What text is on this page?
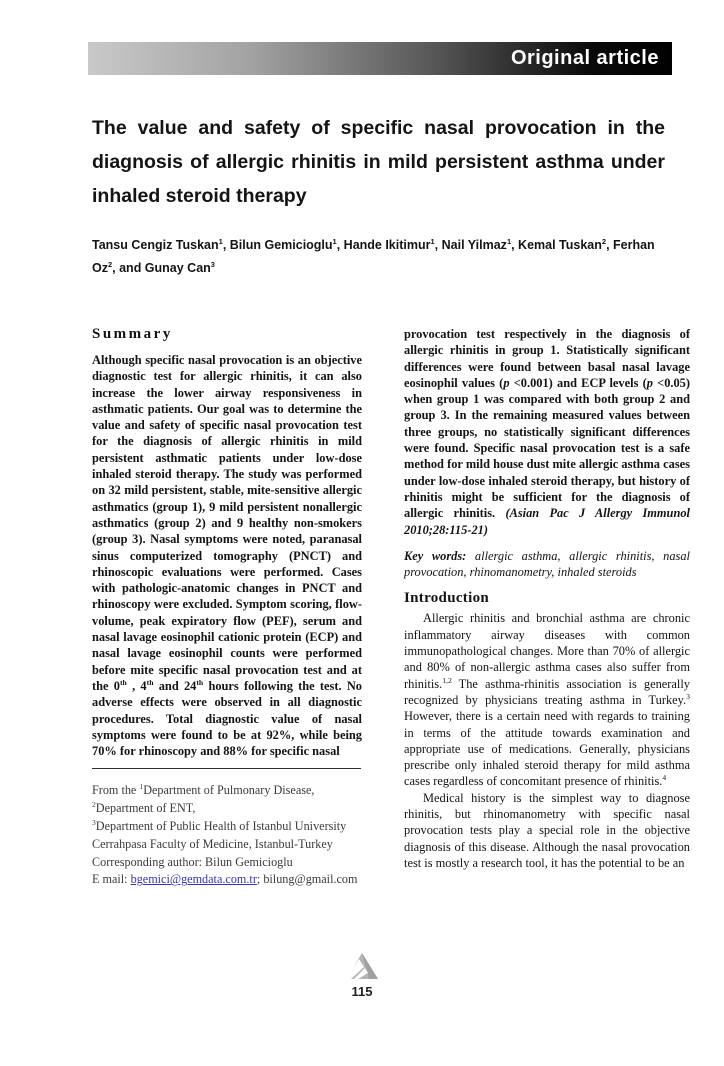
Original article
The value and safety of specific nasal provocation in the diagnosis of allergic rhinitis in mild persistent asthma under inhaled steroid therapy

Tansu Cengiz Tuskan$^1$, Bilun Gemicioglu$^1$, Hande Ikitimur$^1$, Nail Yilmaz$^1$, Kemal Tuskan$^2$, Ferhan Oz$^2$, and Gunay Can$^3$

Summary

Although specific nasal provocation is an objective diagnostic test for allergic rhinitis, it can also increase the lower airway responsiveness in asthmatic patients. Our goal was to determine the value and safety of specific nasal provocation test for the diagnosis of allergic rhinitis in mild persistent asthmatic patients under low-dose inhaled steroid therapy. The study was performed on 32 mild persistent, stable, mite-sensitive allergic asthmatics (group 1), 9 mild persistent nonallergic asthmatics (group 2) and 9 healthy non-smokers (group 3). Nasal symptoms were noted, paranasal sinus computerized tomography (PNCT) and rhinoscopic evaluations were performed. Cases with pathologic-anatomic changes in PNCT and rhinoscopy were excluded. Symptom scoring, flow-volume, peak expiratory flow (PEF), serum and nasal lavage eosinophil cationic protein (ECP) and nasal lavage eosinophil counts were performed before mite specific nasal provocation test and at the 0th , 4th and 24th hours following the test. No adverse effects were observed in all diagnostic procedures. Total diagnostic value of nasal symptoms were found to be at 92%, while being 70% for rhinoscopy and 88% for specific nasal

From the $^1$Department of Pulmonary Disease,

$^2$Department of ENT,

$^3$Department of Public Health of Istanbul University

Cerrahpasa Faculty of Medicine, Istanbul-Turkey

Corresponding author: Bilun Gemicioglu

E mail: bgemici@gemdata.com.tr; bilung@gmail.com

provocation test respectively in the diagnosis of allergic rhinitis in group 1. Statistically significant differences were found between basal nasal lavage eosinophil values (p <0.001) and ECP levels (p <0.05) when group 1 was compared with both group 2 and group 3. In the remaining measured values between three groups, no statistically significant differences were found. Specific nasal provocation test is a safe method for mild house dust mite allergic asthma cases under low-dose inhaled steroid therapy, but history of rhinitis might be sufficient for the diagnosis of allergic rhinitis. (Asian Pac J Allergy Immunol 2010;28:115-21)

Key words: allergic asthma, allergic rhinitis, nasal provocation, rhinomanometry, inhaled steroids

Introduction

Allergic rhinitis and bronchial asthma are chronic inflammatory airway diseases with common immunopathological changes. More than 70% of allergic and 80% of non-allergic asthma cases also suffer from rhinitis.$^{1,2}$ The asthma-rhinitis association is generally recognized by physicians treating asthma in Turkey.$^3$ However, there is a certain need with regards to training in terms of the attitude towards examination and appropriate use of medications. Generally, physicians prescribe only inhaled steroid therapy for mild asthma cases regardless of concomitant presence of rhinitis.$^4$

Medical history is the simplest way to diagnose rhinitis, but rhinomanometry with specific nasal provocation tests play a special role in the objective diagnosis of this disease. Although the nasal provocation test is mostly a research tool, it has the potential to be an

115
